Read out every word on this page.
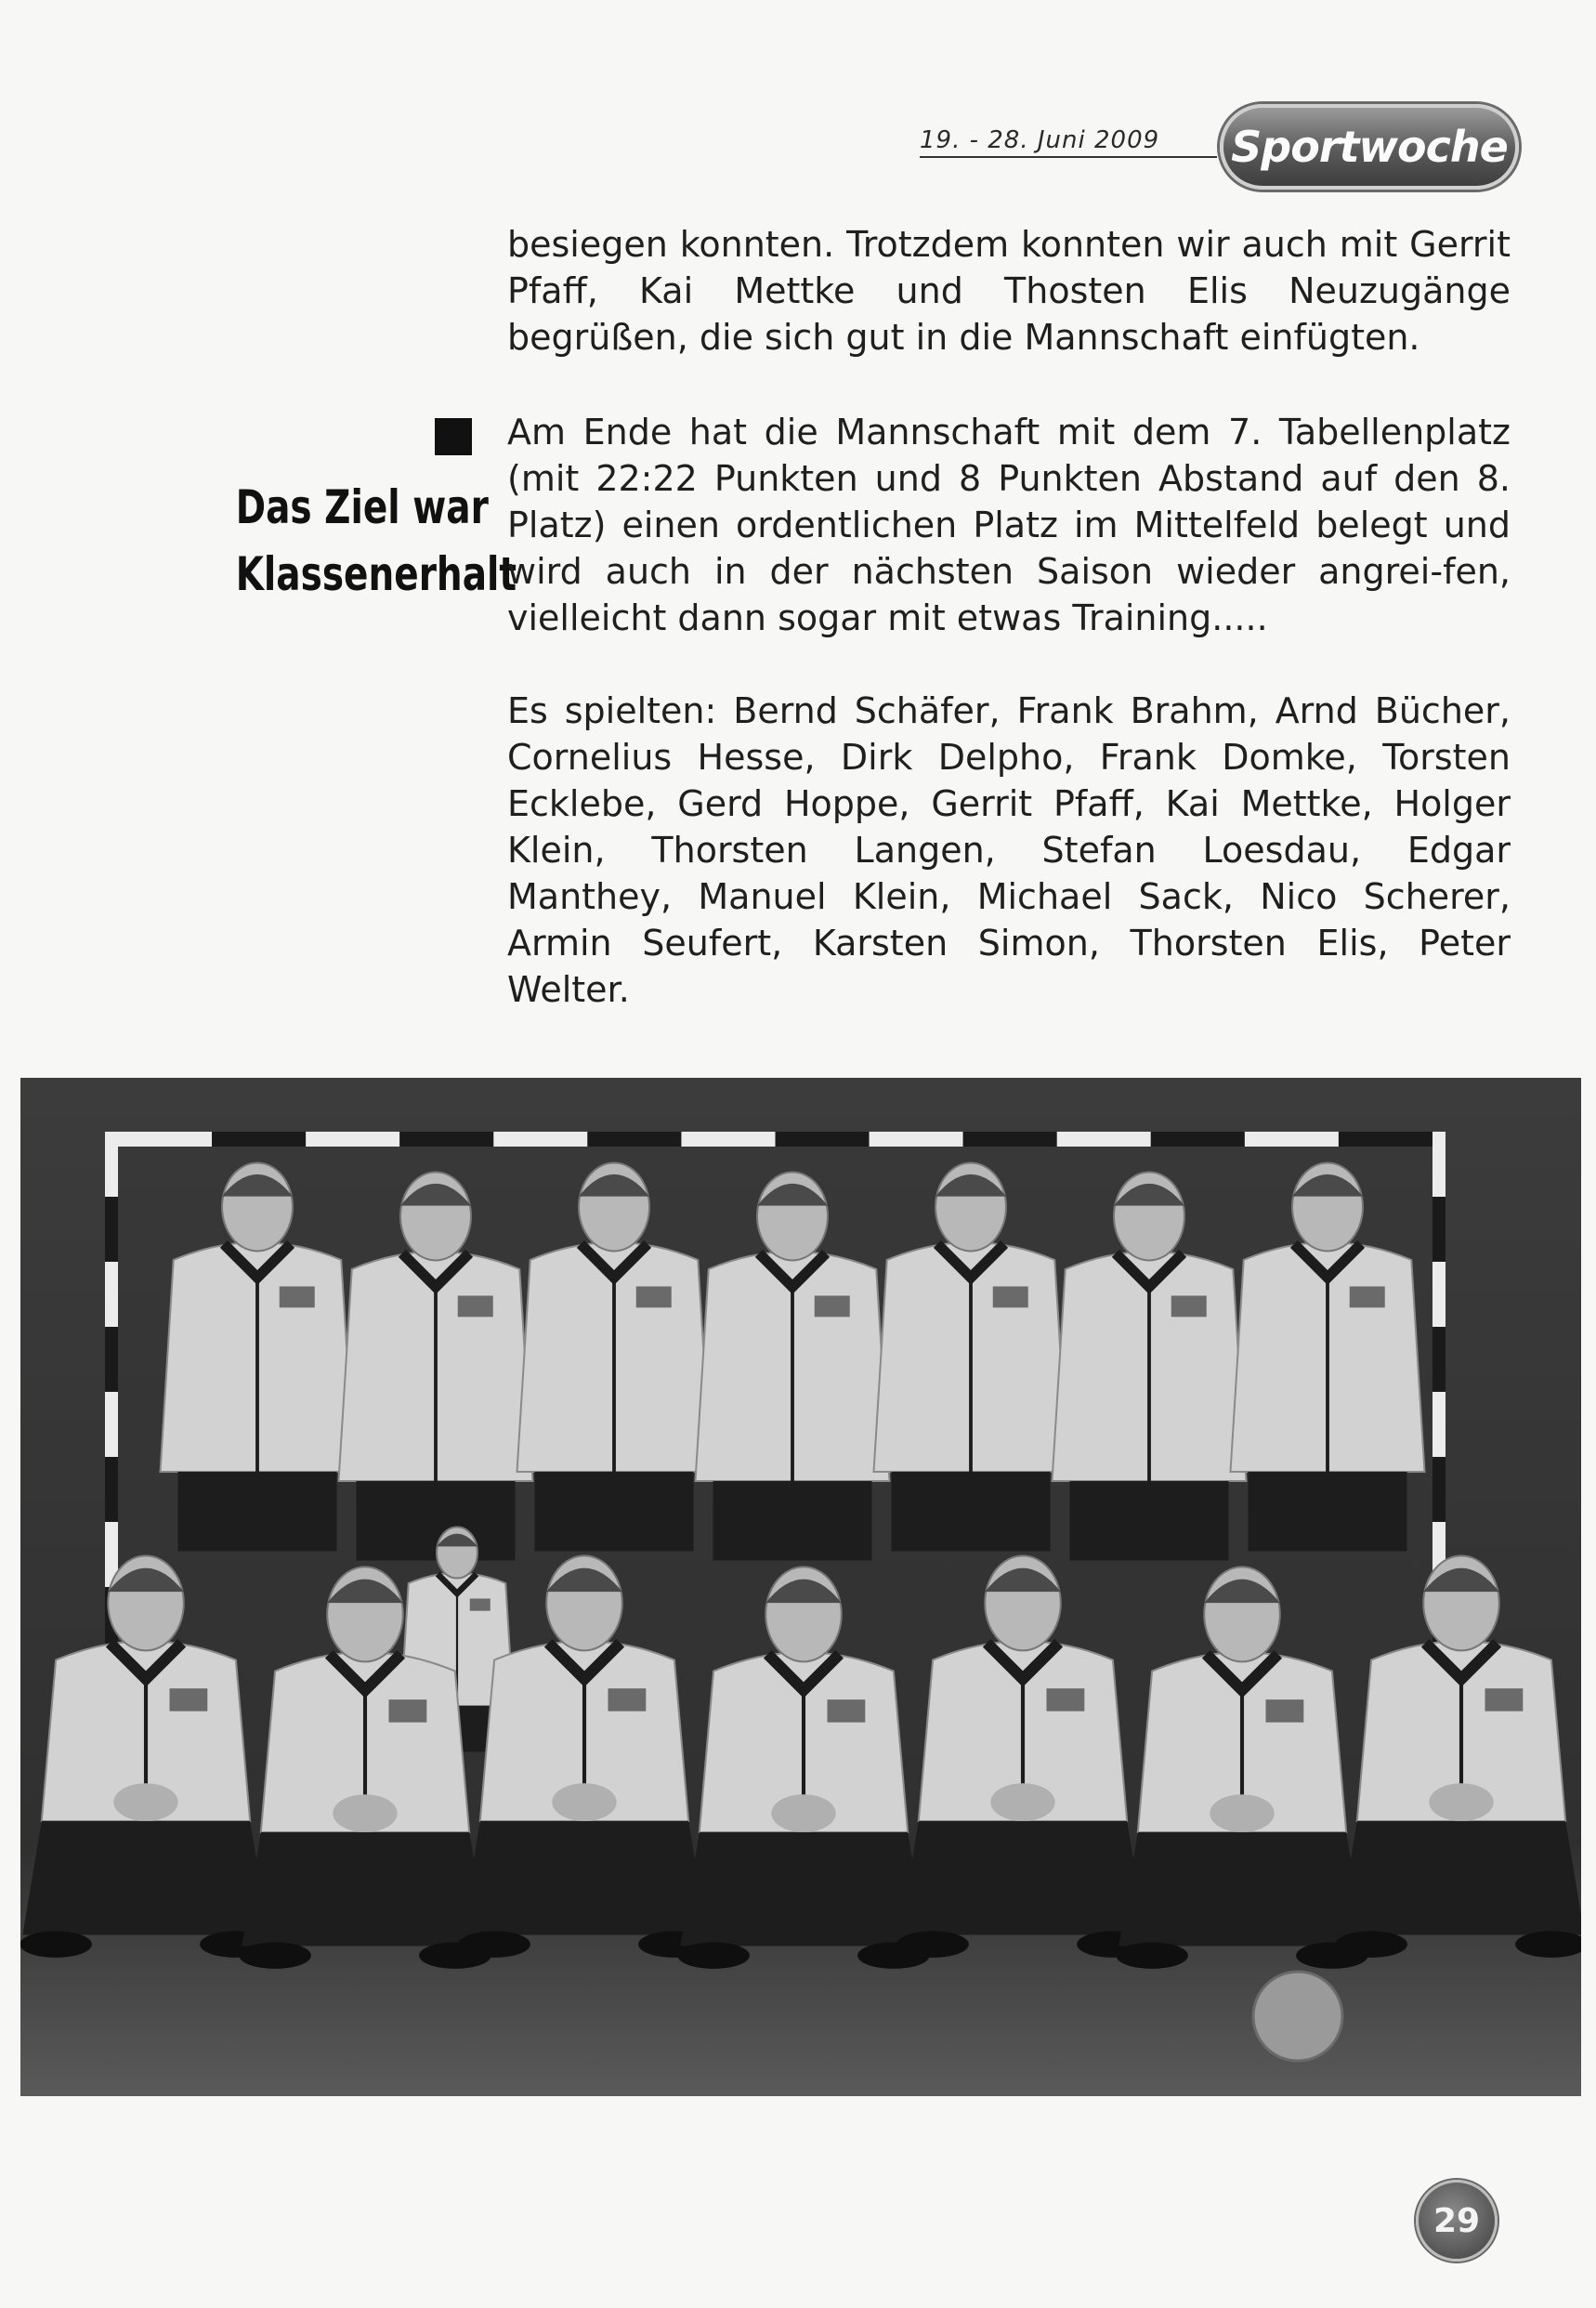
19. - 28. Juni 2009	Sportwoche

besiegen konnten. Trotzdem konnten wir auch mit Gerrit Pfaff, Kai Mettke und Thosten Elis Neuzugänge begrüßen, die sich gut in die Mannschaft einfügten.

Das Ziel war
Klassenerhalt

Am Ende hat die Mannschaft mit dem 7. Tabellenplatz (mit 22:22 Punkten und 8 Punkten Abstand auf den 8. Platz) einen ordentlichen Platz im Mittelfeld belegt und wird auch in der nächsten Saison wieder angrei-fen, vielleicht dann sogar mit etwas Training.....

Es spielten: Bernd Schäfer, Frank Brahm, Arnd Bücher, Cornelius Hesse, Dirk Delpho, Frank Domke, Torsten Ecklebe, Gerd Hoppe, Gerrit Pfaff, Kai Mettke, Holger Klein, Thorsten Langen, Stefan Loesdau, Edgar Manthey, Manuel Klein, Michael Sack, Nico Scherer, Armin Seufert, Karsten Simon, Thorsten Elis, Peter Welter.

29
